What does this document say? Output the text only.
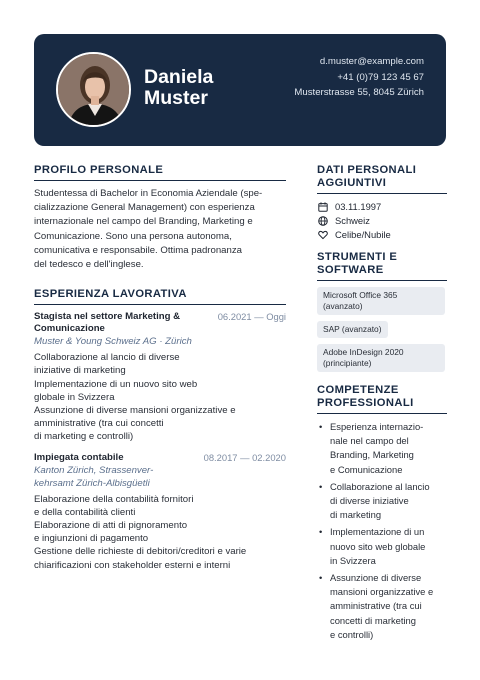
Daniela
Muster
d.muster@example.com
+41 (0)79 123 45 67
Musterstrasse 55, 8045 Zürich
PROFILO PERSONALE
Studentessa di Bachelor in Economia Aziendale (spe-
cializzazione General Management) con esperienza
internazionale nel campo del Branding, Marketing e
Comunicazione. Sono una persona autonoma,
comunicativa e responsabile. Ottima padronanza
del tedesco e dell'inglese.
ESPERIENZA LAVORATIVA
Stagista nel settore Marketing & Comunicazione
06.2021 — Oggi
Muster & Young Schweiz AG · Zürich
Collaborazione al lancio di diverse
iniziative di marketing
Implementazione di un nuovo sito web
globale in Svizzera
Assunzione di diverse mansioni organizzative e
amministrative (tra cui concetti
di marketing e controlli)
Impiegata contabile	08.2017 — 02.2020
Kanton Zürich, Strassenver-
kehrsamt Zürich-Albisgüetli
Elaborazione della contabilità fornitori
e della contabilità clienti
Elaborazione di atti di pignoramento
e ingiunzioni di pagamento
Gestione delle richieste di debitori/creditori e varie
chiarificazioni con stakeholder esterni e interni
DATI PERSONALI
AGGIUNTIVI
03.11.1997
Schweiz
Celibe/Nubile
STRUMENTI E
SOFTWARE
Microsoft Office 365
(avanzato)
SAP (avanzato)
Adobe InDesign 2020
(principiante)
COMPETENZE
PROFESSIONALI
• Esperienza internazio-
nale nel campo del
Branding, Marketing
e Comunicazione
• Collaborazione al lancio
di diverse iniziative
di marketing
• Implementazione di un
nuovo sito web globale
in Svizzera
• Assunzione di diverse
mansioni organizzative e
amministrative (tra cui
concetti di marketing
e controlli)
